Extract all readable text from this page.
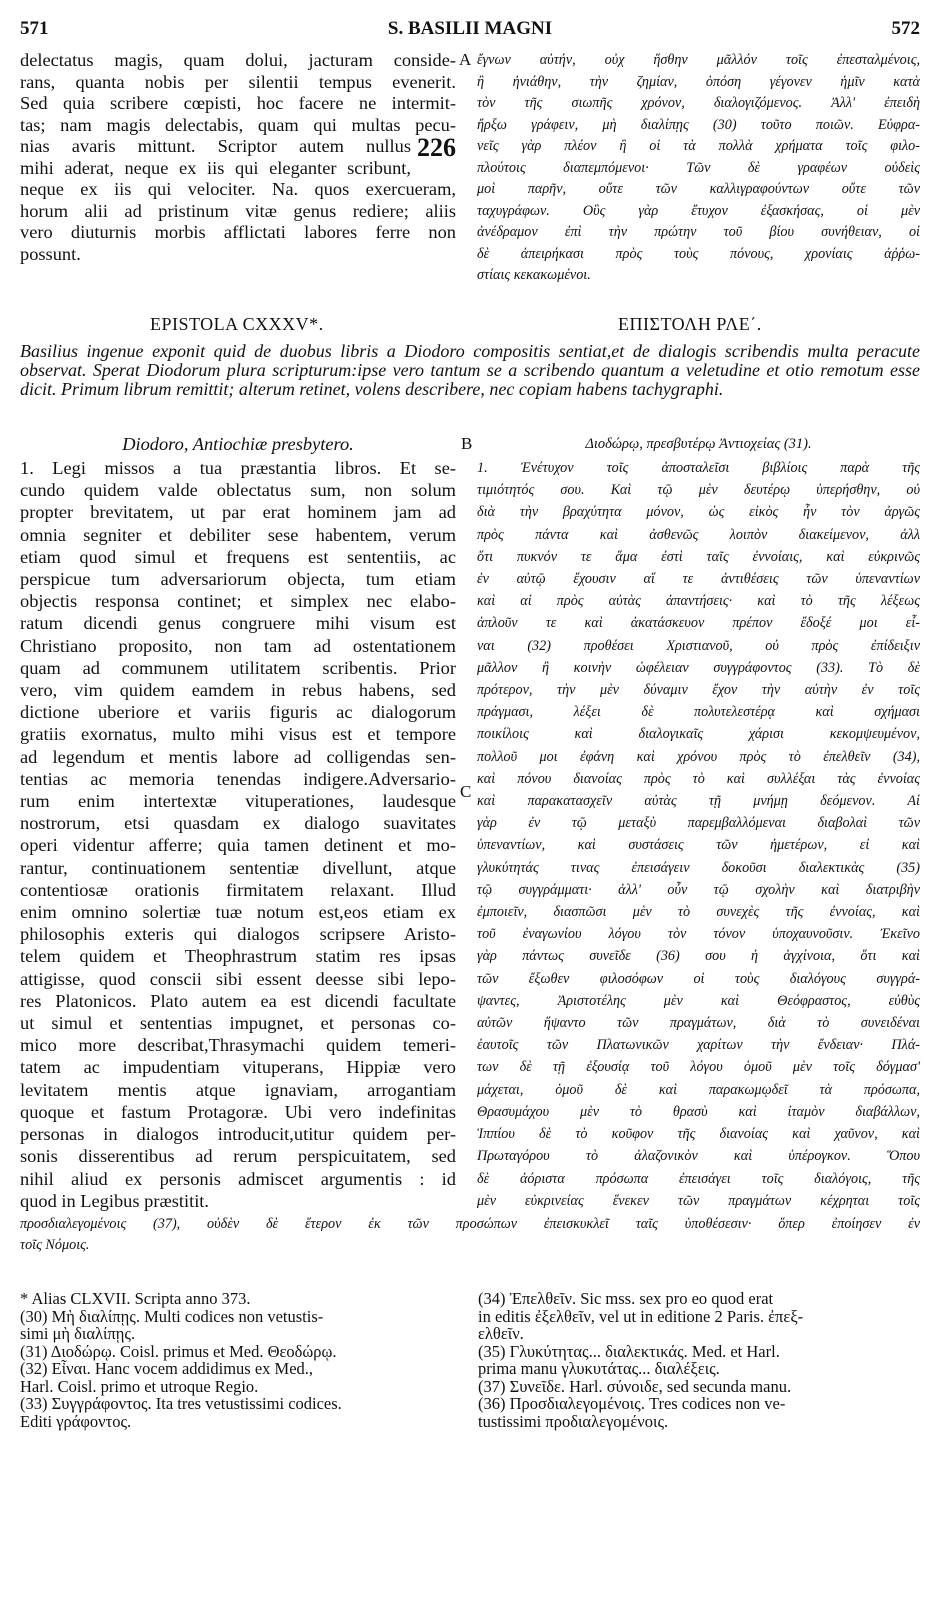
571	S. BASILII MAGNI	572

delectatus magis, quam dolui, jacturam conside-

rans, quanta nobis per silentii tempus evenerit.

Sed quia scribere cœpisti, hoc facere ne intermit-

tas; nam magis delectabis, quam qui multas pecu-

226
nias avaris mittunt. Scriptor autem nullus

mihi aderat, neque ex iis qui eleganter scribunt,

neque ex iis qui velociter. Na. quos exercueram,

horum alii ad pristinum vitæ genus rediere; aliis

vero diuturnis morbis afflictati labores ferre non

possunt.

A ἔγνων αὐτήν, οὐχ ἥσθην μᾶλλόν τοῖς ἐπεσταλμένοις,

ἢ ἠνιάθην, τὴν ζημίαν, ὁπόση γέγονεν ἡμῖν κατὰ

τὸν τῆς σιωπῆς χρόνον, διαλογιζόμενος. Ἀλλ' ἐπειδὴ

ἤρξω γράφειν, μὴ διαλίπῃς (30) τοῦτο ποιῶν. Εὐφρα-

νεῖς γὰρ πλέον ἢ οἱ τὰ πολλὰ χρήματα τοῖς φιλο-

πλούτοις διαπεμπόμενοι· Τῶν δὲ γραφέων οὐδεὶς

μοὶ παρῆν, οὔτε τῶν καλλιγραφούντων οὔτε τῶν

ταχυγράφων. Οὓς γὰρ ἔτυχον ἐξασκήσας, οἱ μὲν

ἀνέδραμον ἐπὶ τὴν πρώτην τοῦ βίου συνήθειαν, οἱ

δὲ ἀπειρήκασι πρὸς τοὺς πόνους, χρονίαις ἀῤῥω-

στίαις κεκακωμένοι.

EPISTOLA CXXXV*.	ΕΠΙΣΤΟΛΗ ΡΛΕ΄.
Basilius ingenue exponit quid de duobus libris a Diodoro compositis sentiat,et de dialogis scribendis multa peracute observat. Sperat Diodorum plura scripturum:ipse vero tantum se a scribendo quantum a veletudine et otio remotum esse dicit. Primum librum remittit; alterum retinet, volens describere, nec copiam habens tachygraphi.
Diodoro, Antiochiæ presbytero.	B	Διοδώρῳ, πρεσβυτέρῳ Ἀντιοχείας (31).

1. Legi missos a tua præstantia libros. Et se-

cundo quidem valde oblectatus sum, non solum

propter brevitatem, ut par erat hominem jam ad

omnia segniter et debiliter sese habentem, verum

etiam quod simul et frequens est sententiis, ac

perspicue tum adversariorum objecta, tum etiam

objectis responsa continet; et simplex nec elabo-

ratum dicendi genus congruere mihi visum est

Christiano proposito, non tam ad ostentationem

quam ad communem utilitatem scribentis. Prior

vero, vim quidem eamdem in rebus habens, sed

dictione uberiore et variis figuris ac dialogorum

gratiis exornatus, multo mihi visus est et tempore

ad legendum et mentis labore ad colligendas sen-

tentias ac memoria tenendas indigere.Adversario-

rum enim intertextæ vituperationes, laudesque

nostrorum, etsi quasdam ex dialogo suavitates

operi videntur afferre; quia tamen detinent et mo-

rantur, continuationem sententiæ divellunt, atque

contentiosæ orationis firmitatem relaxant. Illud

enim omnino solertiæ tuæ notum est,eos etiam ex

philosophis exteris qui dialogos scripsere Aristo-

telem quidem et Theophrastrum statim res ipsas

attigisse, quod conscii sibi essent deesse sibi lepo-

res Platonicos. Plato autem ea est dicendi facultate

ut simul et sententias impugnet, et personas co-

mico more describat,Thrasymachi quidem temeri-

tatem ac impudentiam vituperans, Hippiæ vero

levitatem mentis atque ignaviam, arrogantiam

quoque et fastum Protagoræ. Ubi vero indefinitas

personas in dialogos introducit,utitur quidem per-

sonis disserentibus ad rerum perspicuitatem, sed

nihil aliud ex personis admiscet argumentis : id

quod in Legibus præstitit.

C

1. Ἐνέτυχον τοῖς ἀποσταλεῖσι βιβλίοις παρὰ τῆς

τιμιότητός σου. Καὶ τῷ μὲν δευτέρῳ ὑπερήσθην, οὐ

διὰ τὴν βραχύτητα μόνον, ὡς εἰκὸς ἦν τὸν ἀργῶς

πρὸς πάντα καὶ ἀσθενῶς λοιπὸν διακείμενον, ἀλλ

ὅτι πυκνόν τε ἅμα ἐστὶ ταῖς ἐννοίαις, καὶ εὐκρινῶς

ἐν αὐτῷ ἔχουσιν αἵ τε ἀντιθέσεις τῶν ὑπεναντίων

καὶ αἱ πρὸς αὐτὰς ἀπαντήσεις· καὶ τὸ τῆς λέξεως

ἁπλοῦν τε καὶ ἀκατάσκευον πρέπον ἔδοξέ μοι εἶ-

ναι (32) προθέσει Χριστιανοῦ, οὐ πρὸς ἐπίδειξιν

μᾶλλον ἢ κοινὴν ὠφέλειαν συγγράφοντος (33). Τὸ δὲ

πρότερον, τὴν μὲν δύναμιν ἔχον τὴν αὐτὴν ἐν τοῖς

πράγμασι, λέξει δὲ πολυτελεστέρᾳ καὶ σχήμασι

ποικίλοις καὶ διαλογικαῖς χάρισι κεκομψευμένον,

πολλοῦ μοι ἐφάνη καὶ χρόνου πρὸς τὸ ἐπελθεῖν (34),

καὶ πόνου διανοίας πρὸς τὸ καὶ συλλέξαι τὰς ἐννοίας

καὶ παρακατασχεῖν αὐτὰς τῇ μνήμῃ δεόμενον. Αἱ

γὰρ ἐν τῷ μεταξὺ παρεμβαλλόμεναι διαβολαὶ τῶν

ὑπεναντίων, καὶ συστάσεις τῶν ἡμετέρων, εἰ καὶ

γλυκύτητάς τινας ἐπεισάγειν δοκοῦσι διαλεκτικὰς (35)

τῷ συγγράμματι· ἀλλ' οὖν τῷ σχολὴν καὶ διατριβὴν

ἐμποιεῖν, διασπῶσι μὲν τὸ συνεχὲς τῆς ἐννοίας, καὶ

τοῦ ἐναγωνίου λόγου τὸν τόνον ὑποχαυνοῦσιν. Ἐκεῖνο

γὰρ πάντως συνεῖδε (36) σου ἡ ἀγχίνοια, ὅτι καὶ

τῶν ἔξωθεν φιλοσόφων οἱ τοὺς διαλόγους συγγρά-

ψαντες, Ἀριστοτέλης μὲν καὶ Θεόφραστος, εὐθὺς

αὐτῶν ἥψαντο τῶν πραγμάτων, διὰ τὸ συνειδέναι

ἑαυτοῖς τῶν Πλατωνικῶν χαρίτων τὴν ἔνδειαν· Πλά-

των δὲ τῇ ἐξουσίᾳ τοῦ λόγου ὁμοῦ μὲν τοῖς δόγμασ'

μάχεται, ὁμοῦ δὲ καὶ παρακωμῳδεῖ τὰ πρόσωπα,

Θρασυμάχου μὲν τὸ θρασὺ καὶ ἰταμὸν διαβάλλων,

Ἱππίου δὲ τὸ κοῦφον τῆς διανοίας καὶ χαῦνον, καὶ

Πρωταγόρου τὸ ἀλαζονικὸν καὶ ὑπέρογκον. Ὅπου

δὲ ἀόριστα πρόσωπα ἐπεισάγει τοῖς διαλόγοις, τῆς

μὲν εὐκρινείας ἕνεκεν τῶν πραγμάτων κέχρηται τοῖς

προσδιαλεγομένοις (37), οὐδὲν δὲ ἕτερον ἐκ τῶν προσώπων ἐπεισκυκλεῖ ταῖς ὑποθέσεσιν· ὅπερ ἐποίησεν ἐν

τοῖς Νόμοις.

* Alias CLXVII. Scripta anno 373.

(30) Μὴ διαλίπῃς. Multi codices non vetustis-

simi μὴ διαλίπῃς.

(31) Διοδώρῳ. Coisl. primus et Med. Θεοδώρῳ.

(32) Εἶναι. Hanc vocem addidimus ex Med.,

Harl. Coisl. primo et utroque Regio.

(33) Συγγράφοντος. Ita tres vetustissimi codices.

Editi γράφοντος.

(34) Ἐπελθεῖν. Sic mss. sex pro eo quod erat

in editis ἐξελθεῖν, vel ut in editione 2 Paris. ἐπεξ-

ελθεῖν.

(35) Γλυκύτητας... διαλεκτικάς. Med. et Harl.

prima manu γλυκυτάτας... διαλέξεις.

(37) Συνεῖδε. Harl. σύνοιδε, sed secunda manu.

(36) Προσδιαλεγομένοις. Tres codices non ve-

tustissimi προδιαλεγομένοις.
